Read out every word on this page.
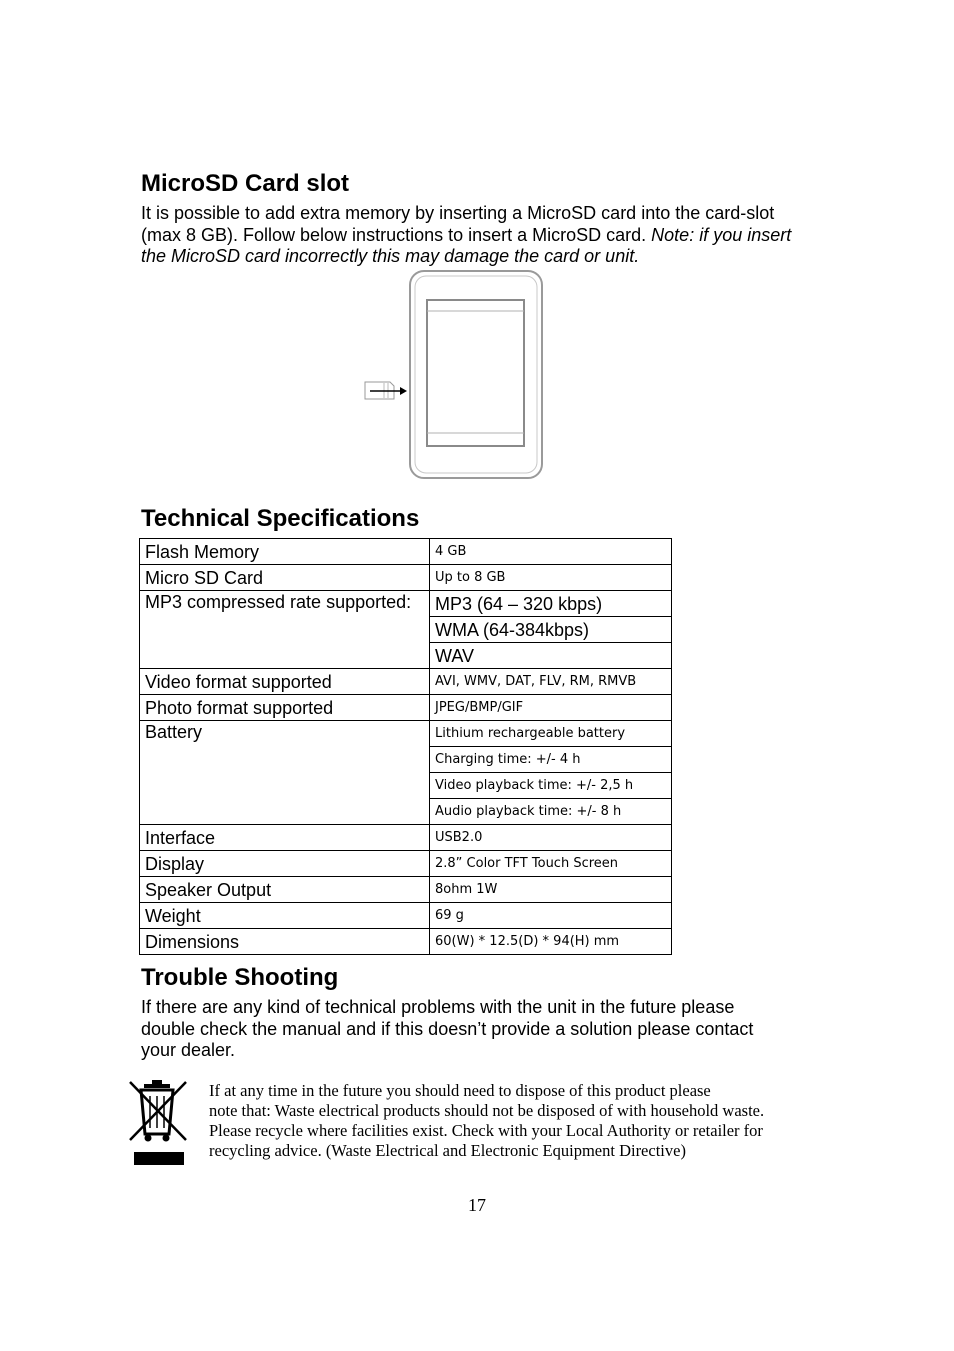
MicroSD Card slot

It is possible to add extra memory by inserting a MicroSD card into the card-slot (max 8 GB). Follow below instructions to insert a MicroSD card. Note: if you insert the MicroSD card incorrectly this may damage the card or unit.

Technical Specifications
Flash Memory	4 GB
Micro SD Card	Up to 8 GB
MP3 compressed rate supported:	MP3 (64 – 320 kbps)
	WMA (64-384kbps)
	WAV
Video format supported	AVI, WMV, DAT, FLV, RM, RMVB
Photo format supported	JPEG/BMP/GIF
Battery	Lithium rechargeable battery
	Charging time: +/- 4 h
	Video playback time: +/- 2,5 h
	Audio playback time: +/- 8 h
Interface	USB2.0
Display	2.8” Color TFT Touch Screen
Speaker Output	8ohm 1W
Weight	69 g
Dimensions	60(W) * 12.5(D) * 94(H) mm
Trouble Shooting

If there are any kind of technical problems with the unit in the future please double check the manual and if this doesn’t provide a solution please contact your dealer.

If at any time in the future you should need to dispose of this product please
note that: Waste electrical products should not be disposed of with household waste.
Please recycle where facilities exist. Check with your Local Authority or retailer for
recycling advice. (Waste Electrical and Electronic Equipment Directive)
17
